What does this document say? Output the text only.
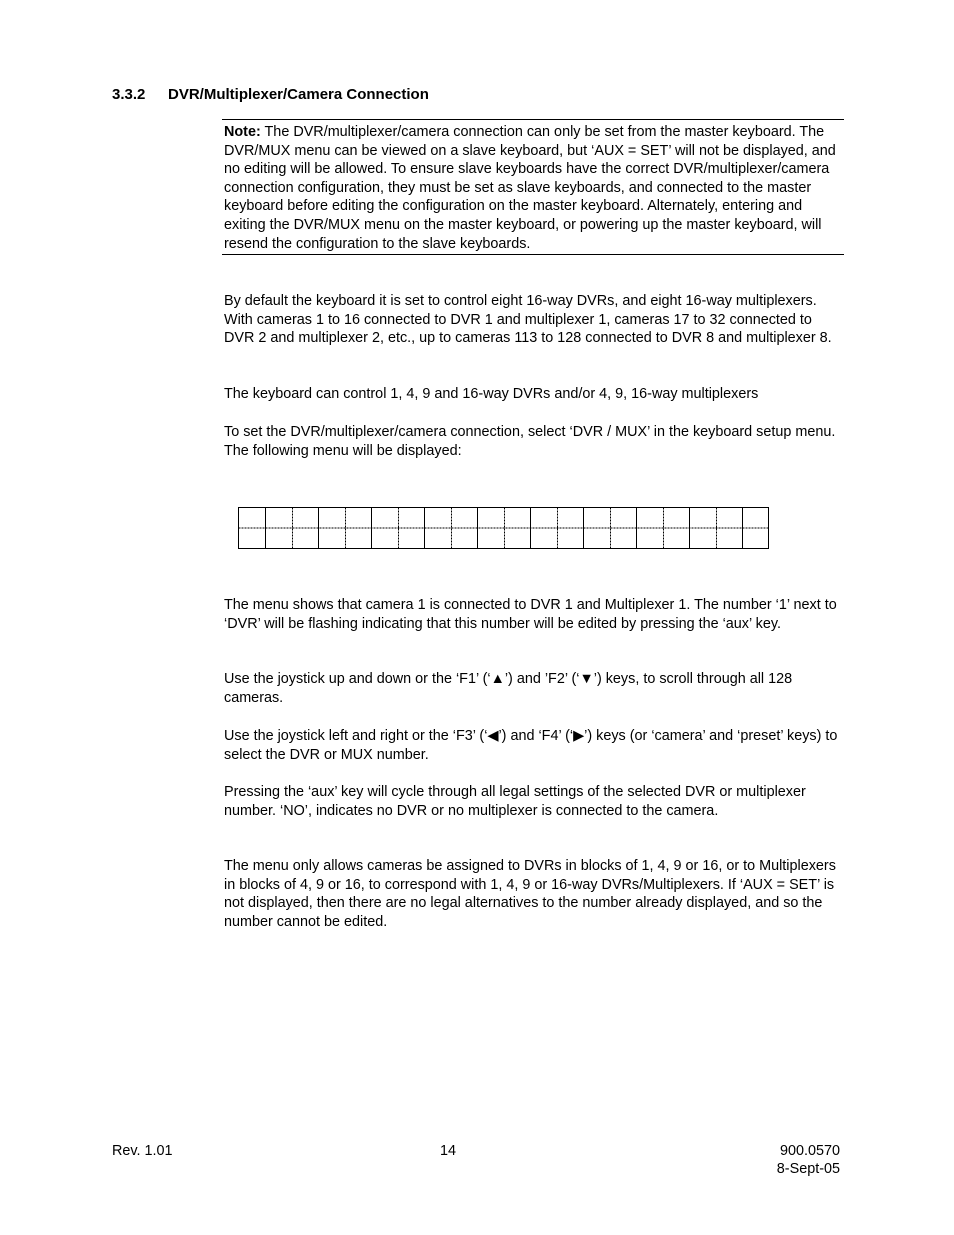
3.3.2 DVR/Multiplexer/Camera Connection
Note: The DVR/multiplexer/camera connection can only be set from the master keyboard. The DVR/MUX menu can be viewed on a slave keyboard, but ‘AUX = SET’ will not be displayed, and no editing will be allowed. To ensure slave keyboards have the correct DVR/multiplexer/camera connection configuration, they must be set as slave keyboards, and connected to the master keyboard before editing the configuration on the master keyboard. Alternately, entering and exiting the DVR/MUX menu on the master keyboard, or powering up the master keyboard, will resend the configuration to the slave keyboards.

By default the keyboard it is set to control eight 16-way DVRs, and eight 16-way multiplexers. With cameras 1 to 16 connected to DVR 1 and multiplexer 1, cameras 17 to 32 connected to DVR 2 and multiplexer 2, etc., up to cameras 113 to 128 connected to DVR 8 and multiplexer 8.

The keyboard can control 1, 4, 9 and 16-way DVRs and/or 4, 9, 16-way multiplexers

To set the DVR/multiplexer/camera connection, select ‘DVR / MUX’ in the keyboard setup menu. The following menu will be displayed:

The menu shows that camera 1 is connected to DVR 1 and Multiplexer 1. The number ‘1’ next to ‘DVR’ will be flashing indicating that this number will be edited by pressing the ‘aux’ key.

Use the joystick up and down or the ‘F1’ (‘▲’) and ’F2’ (‘▼’) keys, to scroll through all 128 cameras.

Use the joystick left and right or the ‘F3’ (‘◀’) and ‘F4’ (‘▶’) keys (or ‘camera’ and ‘preset’ keys) to select the DVR or MUX number.

Pressing the ‘aux’ key will cycle through all legal settings of the selected DVR or multiplexer number. ‘NO’, indicates no DVR or no multiplexer is connected to the camera.

The menu only allows cameras be assigned to DVRs in blocks of 1, 4, 9 or 16, or to Multiplexers in blocks of 4, 9 or 16, to correspond with 1, 4, 9 or 16-way DVRs/Multiplexers. If ‘AUX = SET’ is not displayed, then there are no legal alternatives to the number already displayed, and so the number cannot be edited.

Rev. 1.01	14	900.0570
8-Sept-05
